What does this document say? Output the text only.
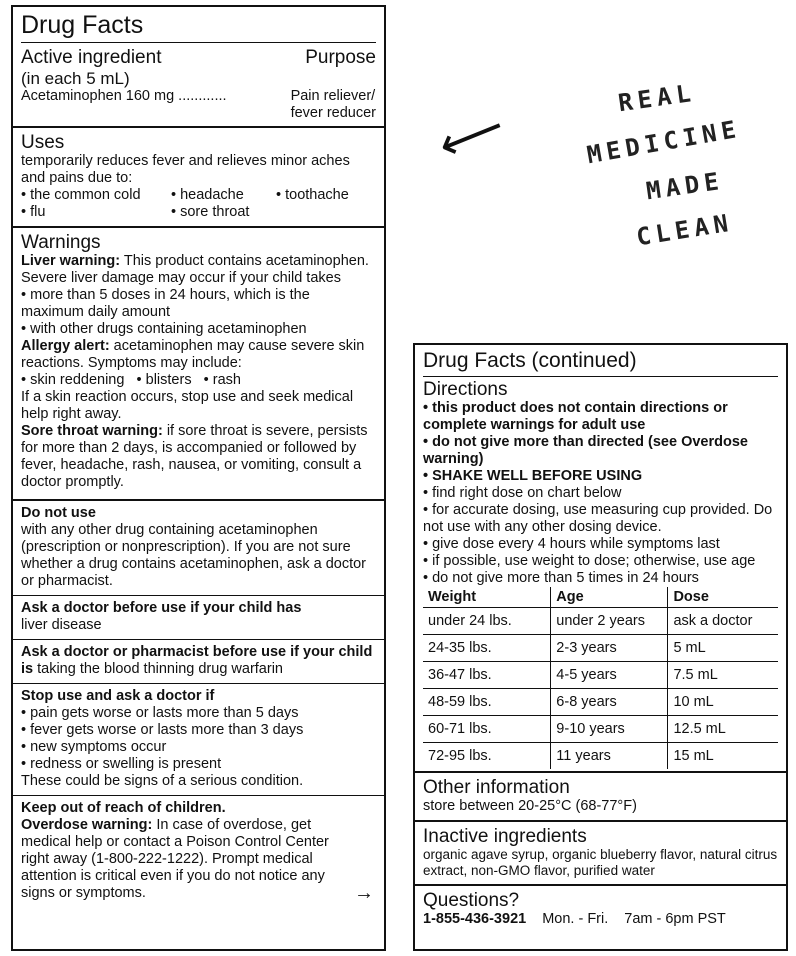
Drug Facts
Active ingredient	Purpose
(in each 5 mL)
Acetaminophen 160 mg ............	Pain reliever/
fever reducer
Uses
temporarily reduces fever and relieves minor aches and pains due to:
• the common cold	• headache	• toothache
• flu	• sore throat
Warnings
Liver warning: This product contains acetaminophen. Severe liver damage may occur if your child takes
• more than 5 doses in 24 hours, which is the maximum daily amount
• with other drugs containing acetaminophen
Allergy alert: acetaminophen may cause severe skin reactions. Symptoms may include:
• skin reddening • blisters • rash
If a skin reaction occurs, stop use and seek medical help right away.
Sore throat warning: if sore throat is severe, persists for more than 2 days, is accompanied or followed by fever, headache, rash, nausea, or vomiting, consult a doctor promptly.
Do not use
with any other drug containing acetaminophen (prescription or nonprescription). If you are not sure whether a drug contains acetaminophen, ask a doctor or pharmacist.
Ask a doctor before use if your child has
liver disease
Ask a doctor or pharmacist before use if your child is taking the blood thinning drug warfarin
Stop use and ask a doctor if
• pain gets worse or lasts more than 5 days
• fever gets worse or lasts more than 3 days
• new symptoms occur
• redness or swelling is present
These could be signs of a serious condition.
Keep out of reach of children.
Overdose warning: In case of overdose, get medical help or contact a Poison Control Center right away (1-800-222-1222). Prompt medical attention is critical even if you do not notice any signs or symptoms.	→
⟵
REAL
MEDICINE
MADE
CLEAN
Drug Facts (continued)
Directions
• this product does not contain directions or complete warnings for adult use
• do not give more than directed (see Overdose warning)
• SHAKE WELL BEFORE USING
• find right dose on chart below
• for accurate dosing, use measuring cup provided. Do not use with any other dosing device.
• give dose every 4 hours while symptoms last
• if possible, use weight to dose; otherwise, use age
• do not give more than 5 times in 24 hours
Weight	Age	Dose
under 24 lbs.	under 2 years	ask a doctor
24-35 lbs.	2-3 years	5 mL
36-47 lbs.	4-5 years	7.5 mL
48-59 lbs.	6-8 years	10 mL
60-71 lbs.	9-10 years	12.5 mL
72-95 lbs.	11 years	15 mL
Other information
store between 20-25°C (68-77°F)
Inactive ingredients
organic agave syrup, organic blueberry flavor, natural citrus extract, non-GMO flavor, purified water
Questions?
1-855-436-3921 Mon. - Fri. 7am - 6pm PST
